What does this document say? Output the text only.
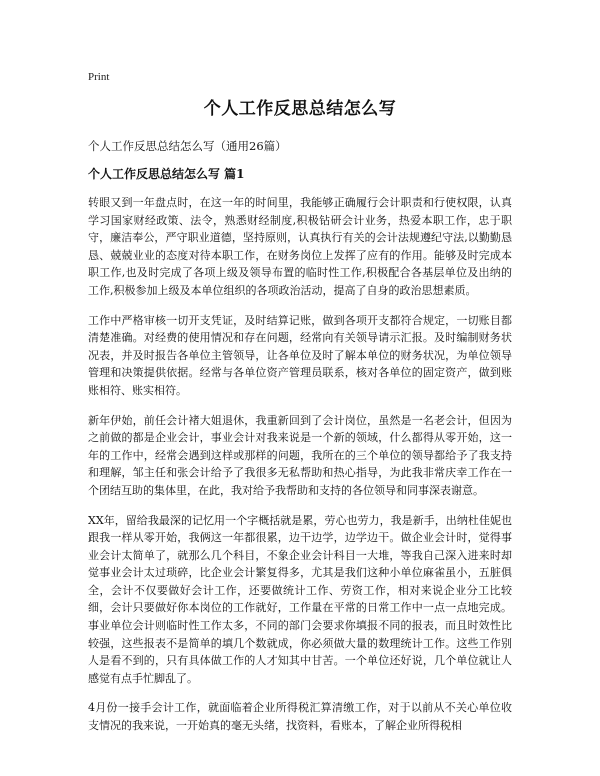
Print
个人工作反思总结怎么写
个人工作反思总结怎么写（通用26篇）
个人工作反思总结怎么写 篇1

转眼又到一年盘点时，在这一年的时间里，我能够正确履行会计职责和行使权限，认真学习国家财经政策、法令，熟悉财经制度,积极钻研会计业务，热爱本职工作，忠于职守，廉洁奉公，严守职业道德，坚持原则，认真执行有关的会计法规遵纪守法,以勤勤恳恳、兢兢业业的态度对待本职工作，在财务岗位上发挥了应有的作用。能够及时完成本职工作,也及时完成了各项上级及领导布置的临时性工作,积极配合各基层单位及出纳的工作,积极参加上级及本单位组织的各项政治活动，提高了自身的政治思想素质。

工作中严格审核一切开支凭证，及时结算记账，做到各项开支都符合规定，一切账目都清楚准确。对经费的使用情况和存在问题，经常向有关领导请示汇报。及时编制财务状况表，并及时报告各单位主管领导，让各单位及时了解本单位的财务状况，为单位领导管理和决策提供依据。经常与各单位资产管理员联系，核对各单位的固定资产，做到账账相符、账实相符。

新年伊始，前任会计褚大姐退休，我重新回到了会计岗位，虽然是一名老会计，但因为之前做的都是企业会计，事业会计对我来说是一个新的领域，什么都得从零开始，这一年的工作中，经常会遇到这样或那样的问题，我所在的三个单位的领导都给予了我支持和理解，邹主任和张会计给予了我很多无私帮助和热心指导，为此我非常庆幸工作在一个团结互助的集体里，在此，我对给予我帮助和支持的各位领导和同事深表谢意。

XX年，留给我最深的记忆用一个字概括就是累，劳心也劳力，我是新手，出纳杜佳妮也跟我一样从零开始，我俩这一年都很累，边干边学，边学边干。做企业会计时，觉得事业会计太简单了，就那么几个科目，不象企业会计科目一大堆，等我自己深入进来时却觉事业会计太过琐碎，比企业会计繁复得多，尤其是我们这种小单位麻雀虽小，五脏俱全，会计不仅要做好会计工作，还要做统计工作、劳资工作，相对来说企业分工比较细，会计只要做好你本岗位的工作就好，工作量在平常的日常工作中一点一点地完成。事业单位会计则临时性工作太多，不同的部门会要求你填报不同的报表，而且时效性比较强，这些报表不是简单的填几个数就成，你必须做大量的数理统计工作。这些工作别人是看不到的，只有具体做工作的人才知其中甘苦。一个单位还好说，几个单位就让人感觉有点手忙脚乱了。

4月份一接手会计工作，就面临着企业所得税汇算清缴工作，对于以前从不关心单位收支情况的我来说，一开始真的毫无头绪，找资料，看账本，了解企业所得税相
